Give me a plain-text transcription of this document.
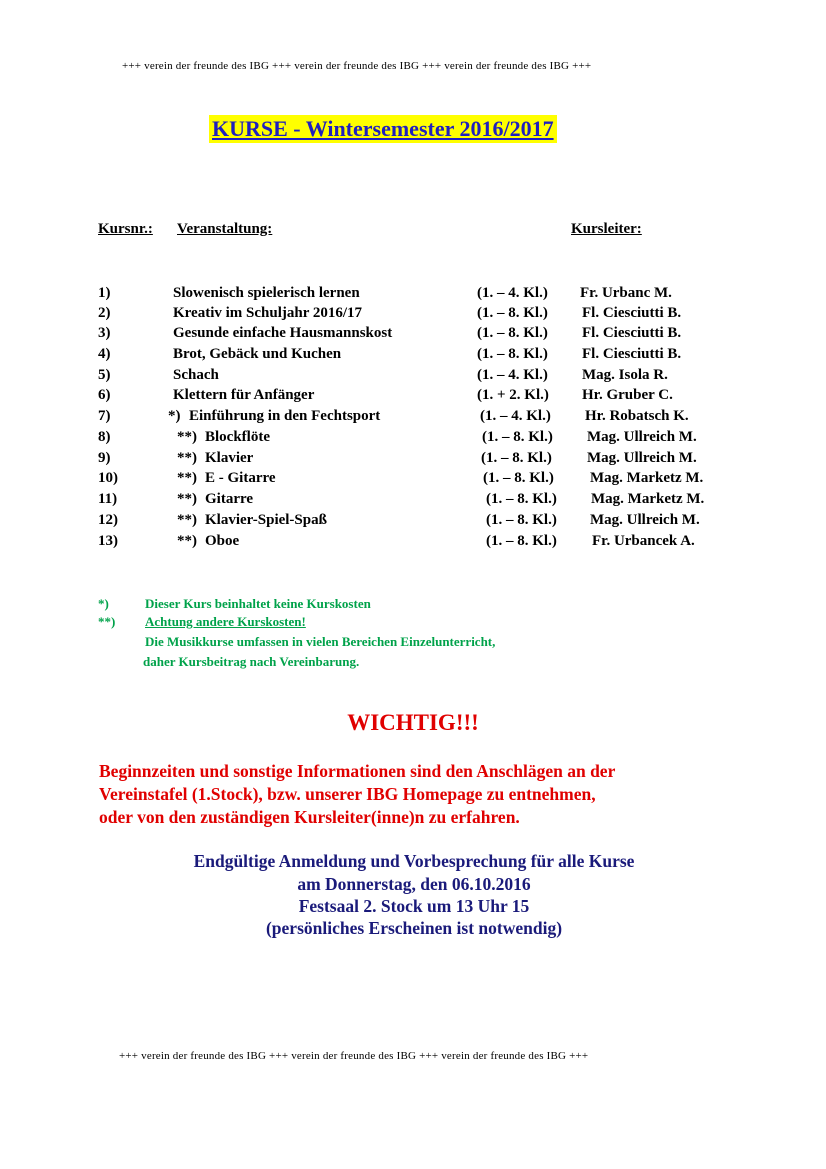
+++ verein der freunde des IBG +++ verein der freunde des IBG +++ verein der freunde des IBG +++
KURSE - Wintersemester 2016/2017
Kursnr.: Veranstaltung:	Kursleiter:
1)	Slowenisch spielerisch lernen	(1. – 4. Kl.) Fr. Urbanc M.
2)	Kreativ im Schuljahr 2016/17	(1. – 8. Kl.) Fl. Ciesciutti B.
3)	Gesunde einfache Hausmannskost	(1. – 8. Kl.) Fl. Ciesciutti B.
4)	Brot, Gebäck und Kuchen	(1. – 8. Kl.) Fl. Ciesciutti B.
5)	Schach	(1. – 4. Kl.) Mag. Isola R.
6)	Klettern für Anfänger	(1. + 2. Kl.) Hr. Gruber C.
7)	*) Einführung in den Fechtsport	(1. – 4. Kl.) Hr. Robatsch K.
8)	**) Blockflöte	(1. – 8. Kl.) Mag. Ullreich M.
9)	**) Klavier	(1. – 8. Kl.) Mag. Ullreich M.
10)	**) E - Gitarre	(1. – 8. Kl.) Mag. Marketz M.
11)	**) Gitarre	(1. – 8. Kl.) Mag. Marketz M.
12)	**) Klavier-Spiel-Spaß	(1. – 8. Kl.) Mag. Ullreich M.
13)	**) Oboe	(1. – 8. Kl.) Fr. Urbancek A.
*)	Dieser Kurs beinhaltet keine Kurskosten
**) Achtung andere Kurskosten!
Die Musikkurse umfassen in vielen Bereichen Einzelunterricht,
daher Kursbeitrag nach Vereinbarung.
WICHTIG!!!
Beginnzeiten und sonstige Informationen sind den Anschlägen an der
Vereinstafel (1.Stock), bzw. unserer IBG Homepage zu entnehmen,
oder von den zuständigen Kursleiter(inne)n zu erfahren.
Endgültige Anmeldung und Vorbesprechung für alle Kurse
am Donnerstag, den 06.10.2016
Festsaal 2. Stock um 13 Uhr 15
(persönliches Erscheinen ist notwendig)
+++ verein der freunde des IBG +++ verein der freunde des IBG +++ verein der freunde des IBG +++
